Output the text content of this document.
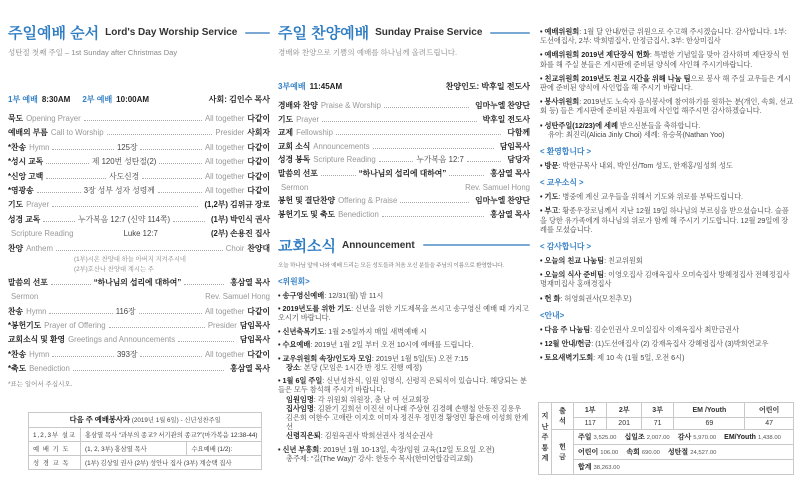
주일예배 순서 Lord's Day Worship Service
성탄절 첫째 주일 – 1st Sunday after Christmas Day
1부 예배 8:30AM 2부 예배 10:00AM	사회: 김인수 목사
묵도 Opening Prayer	All together 다같이
예배의 부름 Call to Worship	Presider 사회자
*찬송 Hymn	125장	All together 다같이
*성시 교독	제 120번 성탄절(2)	All together 다같이
*신앙 고백	사도신경	All together 다같이
*영광송	3장 성부 성자 성령께	All together 다같이
기도 Prayer	(1,2부) 김위규 장로
성경 교독	누가복음 12:7 (신약 114쪽)	(1부) 박인식 권사
Scripture Reading	Luke 12:7	(2부) 손용진 집사
찬양 Anthem	Choir 찬양대
(1부)시온 찬양대 하늘 아버지 지켜주시네
(2부)호산나 찬양대 계시는 주
말씀의 선포	“하나님의 섭리에 대하여”	홍삼열 목사
Sermon	Rev. Samuel Hong
찬송 Hymn	116장	All together 다같이
*봉헌기도 Prayer of Offering	Presider 담임목사
교회소식 및 환영 Greetings and Announcements	담임목사
*찬송 Hymn	393장	All together 다같이
*축도 Benediction	홍삼열 목사
*표는 일어서 주십시오.
주일 찬양예배 Sunday Praise Service
경배와 찬양으로 기쁨의 예배를 하나님께 올려드립니다.
3부예배 11:45AM	찬양인도: 박후일 전도사
경배와 찬양 Praise & Worship	임마누엘 찬양단
기도 Prayer	박후일 전도사
교제 Fellowship	다함께
교회 소식 Announcements	담임목사
성경 봉독 Scripture Reading	누가복음 12:7	담당자
말씀의 선포	“하나님의 섭리에 대하여”	홍삼열 목사
Sermon	Rev. Samuel Hong
봉헌 및 결단찬양 Offering & Praise	임마누엘 찬양단
봉헌기도 및 축도 Benediction	홍삼열 목사
교회소식 Announcement
오늘 하나님 앞에 나와 예배 드리는 모든 성도들과 처음 오신 분들을 주님의 이름으로 환영합니다.
<위원회>
• 송구영신예배: 12/31(월) 밤 11시
• 2019년도를 위한 기도: 신년을 위한 기도제목을 쓰시고 송구영신 예배 때 가지고 오시기 바랍니다.
• 신년축복기도: 1월 2-5일까지 매일 새벽예배 시
• 수요예배: 2019년 1월 2일 부터 오전 10시에 예배를 드립니다.
• 교우위원회 속장/인도자 모임: 2019년 1월 5일(토) 오전 7:15
장소: 본당 (모임은 1시간 반 정도 진행 예정)
• 1월 6일 주일: 신년성찬식, 임원 임명식, 신령직 은퇴식이 있습니다. 해당되는 분들은 모두 참석해 주시기 바랍니다.
임원임명: 각 위원회 위원장, 총 남 여 선교회장
집사임명: 김완기 김희선 이진선 이나래 주상현 김경혜 손행철 안동진 김용우 김은희 여한수 고애란 이지호 이미자 정진우 정민경 황영민 황은애 이성희 한계선
신령직은퇴: 김원옥권사 박희선권사 정석순권사
• 신년 부흥회: 2019년 1월 10-13일, 속장/임원 교육(12일 토요일 오전)
총주제: “길(The Way)” 강사: 한동수 목사(한미연합감리교회)
• 예배위원회: 1월 달 안내/헌금 위원으로 수고해 주시겠습니다. 감사합니다. 1부: 도선애집사, 2부: 박희범집사, 안정금집사, 3부: 한상미집사
• 예배위원회 2019년 제단장식 헌화: 특별한 기념일을 맞아 감사하며 제단장식 헌화를 해 주실 분들은 게시판에 준비된 양식에 사인해 주시기바랍니다.
• 친교위원회 2019년도 친교 시간을 위해 나눔 팀으로 봉사 해 주실 교우들은 게시판에 준비된 양식에 사인업을 해 주시기 바랍니다.
• 봉사위원회: 2019년도 노숙자 음식봉사에 참여하기를 원하는 분(개인, 속회, 선교회 등) 들은 게시판에 준비된 자원표에 사인업 해주시면 감사하겠습니다.
• 성탄주일(12/23)에 세례 받으신분들을 축하합니다.
유아: 최진리(Alicia Jinly Choi) 세례: 유승목(Nathan Yoo)
< 환영합니다 >
• 방문: 박한규목사 내외, 박인선/Tom 성도, 한재홍/임성희 성도
< 교우소식 >
• 기도: 병중에 계신 교우들을 위해서 기도와 위로를 부탁드립니다.
• 부고: 황종우장로님께서 지난 12월 19일 하나님의 부르심을 받으셨습니다. 슬픔을 당한 유가족에게 하나님의 위로가 함께 해 주시기 기도합니다. 12월 29일에 장례를 모셨습니다.
< 감사합니다 >
• 오늘의 친교 나눔팀: 친교위원회
• 오늘의 식사 준비팀: 이영오집사 김애옥집사 오미숙집사 방혜정집사 전혜정집사 명재미집사 홍애경집사
• 헌 화: 허영회권사(모친추모)
<안내>
• 다음 주 나눔팀: 김순인권사 오미실집사 이재옥집사 최만금권사
• 12월 안내/헌금: (1)도선애집사 (2) 강재옥집사 강혜령집사 (3)박희연교우
• 토요새벽기도회: 제 10 속 (1월 5일, 오전 6시)
다음 주 예배봉사자 (2019년 1월 6일) - 신년성찬주일		
1,2,3부 설교	홍삼열 목사 “과부의 종교? 서기관의 종교?”(마가복음 12:38-44)	
예 배 기 도	(1, 2, 3부) 홍삼열 목사	수요예배 (1/2):
성 경 교 독	(1부) 김상일 권사 (2부) 성안나 집사 (3부) 계승택 집사	
지
난
주
통
계	출석	1부	2부	3부	EM /Youth	어린이
		117	201	71	69	47
	헌금	주일 3,525.00 십일조 2,007.00 감사 5,970.00 EM/Youth 1,438.00				
		어린이 106.00 속회 690.00 성탄절 24,527.00				
		합계 38,263.00				
